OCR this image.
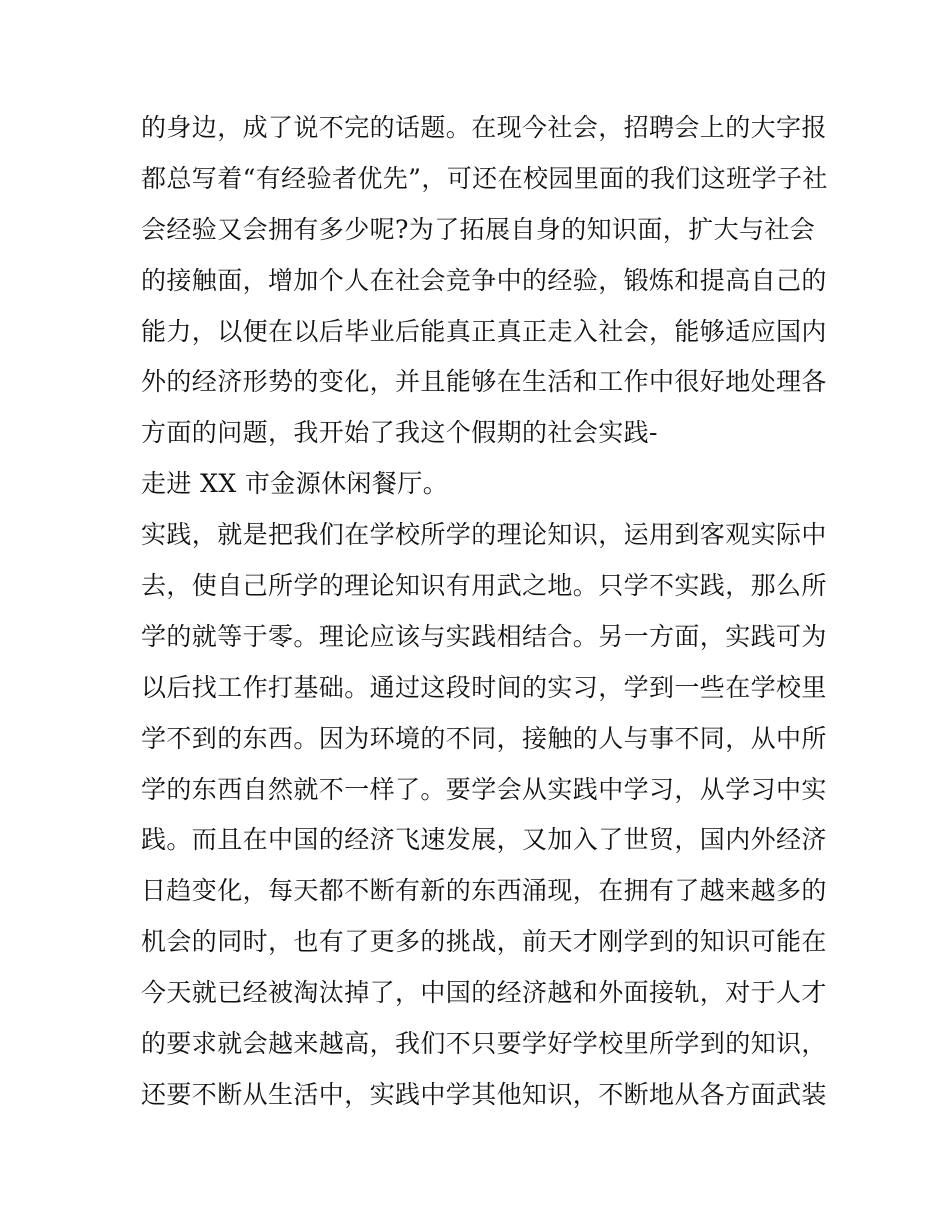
的身边，成了说不完的话题。在现今社会，招聘会上的大字报
都总写着“有经验者优先”，可还在校园里面的我们这班学子社
会经验又会拥有多少呢?为了拓展自身的知识面，扩大与社会
的接触面，增加个人在社会竞争中的经验，锻炼和提高自己的
能力，以便在以后毕业后能真正真正走入社会，能够适应国内
外的经济形势的变化，并且能够在生活和工作中很好地处理各
方面的问题，我开始了我这个假期的社会实践-
走进 XX 市金源休闲餐厅。
实践，就是把我们在学校所学的理论知识，运用到客观实际中
去，使自己所学的理论知识有用武之地。只学不实践，那么所
学的就等于零。理论应该与实践相结合。另一方面，实践可为
以后找工作打基础。通过这段时间的实习，学到一些在学校里
学不到的东西。因为环境的不同，接触的人与事不同，从中所
学的东西自然就不一样了。要学会从实践中学习，从学习中实
践。而且在中国的经济飞速发展，又加入了世贸，国内外经济
日趋变化，每天都不断有新的东西涌现，在拥有了越来越多的
机会的同时，也有了更多的挑战，前天才刚学到的知识可能在
今天就已经被淘汰掉了，中国的经济越和外面接轨，对于人才
的要求就会越来越高，我们不只要学好学校里所学到的知识，
还要不断从生活中，实践中学其他知识，不断地从各方面武装
